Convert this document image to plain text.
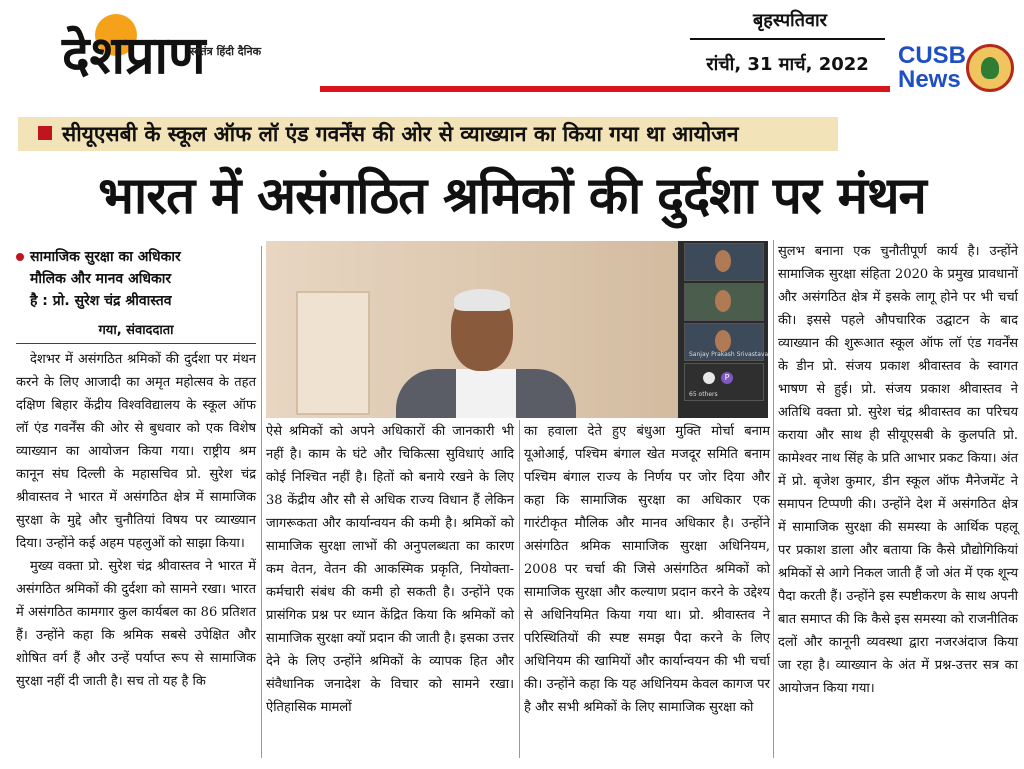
देशप्राण
स्वतंत्र हिंदी दैनिक
बृहस्पतिवार
रांची, 31 मार्च, 2022	CUSB
News
सीयूएसबी के स्कूल ऑफ लॉ एंड गवर्नेंस की ओर से व्याख्यान का किया गया था आयोजन
भारत में असंगठित श्रमिकों की दुर्दशा पर मंथन
सामाजिक सुरक्षा का अधिकार
मौलिक और मानव अधिकार
है : प्रो. सुरेश चंद्र श्रीवास्तव
गया, संवाददाता

देशभर में असंगठित श्रमिकों की दुर्दशा पर मंथन करने के लिए आजादी का अमृत महोत्सव के तहत दक्षिण बिहार केंद्रीय विश्वविद्यालय के स्कूल ऑफ लॉ एंड गवर्नेंस की ओर से बुधवार को एक विशेष व्याख्यान का आयोजन किया गया। राष्ट्रीय श्रम कानून संघ दिल्ली के महासचिव प्रो. सुरेश चंद्र श्रीवास्तव ने भारत में असंगठित क्षेत्र में सामाजिक सुरक्षा के मुद्दे और चुनौतियां विषय पर व्याख्यान दिया। उन्होंने कई अहम पहलुओं को साझा किया।

मुख्य वक्ता प्रो. सुरेश चंद्र श्रीवास्तव ने भारत में असंगठित श्रमिकों की दुर्दशा को सामने रखा। भारत में असंगठित कामगार कुल कार्यबल का 86 प्रतिशत हैं। उन्होंने कहा कि श्रमिक सबसे उपेक्षित और शोषित वर्ग हैं और उन्हें पर्याप्त रूप से सामाजिक सुरक्षा नहीं दी जाती है। सच तो यह है कि

Sanjay Prakash Srivastava
P
65 others

ऐसे श्रमिकों को अपने अधिकारों की जानकारी भी नहीं है। काम के घंटे और चिकित्सा सुविधाएं आदि कोई निश्चित नहीं है। हितों को बनाये रखने के लिए 38 केंद्रीय और सौ से अधिक राज्य विधान हैं लेकिन जागरूकता और कार्यान्वयन की कमी है। श्रमिकों को सामाजिक सुरक्षा लाभों की अनुपलब्धता का कारण कम वेतन, वेतन की आकस्मिक प्रकृति, नियोक्ता-कर्मचारी संबंध की कमी हो सकती है। उन्होंने एक प्रासंगिक प्रश्न पर ध्यान केंद्रित किया कि श्रमिकों को सामाजिक सुरक्षा क्यों प्रदान की जाती है। इसका उत्तर देने के लिए उन्होंने श्रमिकों के व्यापक हित और संवैधानिक जनादेश के विचार को सामने रखा। ऐतिहासिक मामलों

का हवाला देते हुए बंधुआ मुक्ति मोर्चा बनाम यूओआई, पश्चिम बंगाल खेत मजदूर समिति बनाम पश्चिम बंगाल राज्य के निर्णय पर जोर दिया और कहा कि सामाजिक सुरक्षा का अधिकार एक गारंटीकृत मौलिक और मानव अधिकार है। उन्होंने असंगठित श्रमिक सामाजिक सुरक्षा अधिनियम, 2008 पर चर्चा की जिसे असंगठित श्रमिकों को सामाजिक सुरक्षा और कल्याण प्रदान करने के उद्देश्य से अधिनियमित किया गया था। प्रो. श्रीवास्तव ने परिस्थितियों की स्पष्ट समझ पैदा करने के लिए अधिनियम की खामियों और कार्यान्वयन की भी चर्चा की। उन्होंने कहा कि यह अधिनियम केवल कागज पर है और सभी श्रमिकों के लिए सामाजिक सुरक्षा को

सुलभ बनाना एक चुनौतीपूर्ण कार्य है। उन्होंने सामाजिक सुरक्षा संहिता 2020 के प्रमुख प्रावधानों और असंगठित क्षेत्र में इसके लागू होने पर भी चर्चा की। इससे पहले औपचारिक उद्घाटन के बाद व्याख्यान की शुरूआत स्कूल ऑफ लॉ एंड गवर्नेंस के डीन प्रो. संजय प्रकाश श्रीवास्तव के स्वागत भाषण से हुई। प्रो. संजय प्रकाश श्रीवास्तव ने अतिथि वक्ता प्रो. सुरेश चंद्र श्रीवास्तव का परिचय कराया और साथ ही सीयूएसबी के कुलपति प्रो. कामेश्वर नाथ सिंह के प्रति आभार प्रकट किया। अंत में प्रो. बृजेश कुमार, डीन स्कूल ऑफ मैनेजमेंट ने समापन टिप्पणी की। उन्होंने देश में असंगठित क्षेत्र में सामाजिक सुरक्षा की समस्या के आर्थिक पहलू पर प्रकाश डाला और बताया कि कैसे प्रौद्योगिकियां श्रमिकों से आगे निकल जाती हैं जो अंत में एक शून्य पैदा करती हैं। उन्होंने इस स्पष्टीकरण के साथ अपनी बात समाप्त की कि कैसे इस समस्या को राजनीतिक दलों और कानूनी व्यवस्था द्वारा नजरअंदाज किया जा रहा है। व्याख्यान के अंत में प्रश्न-उत्तर सत्र का आयोजन किया गया।
